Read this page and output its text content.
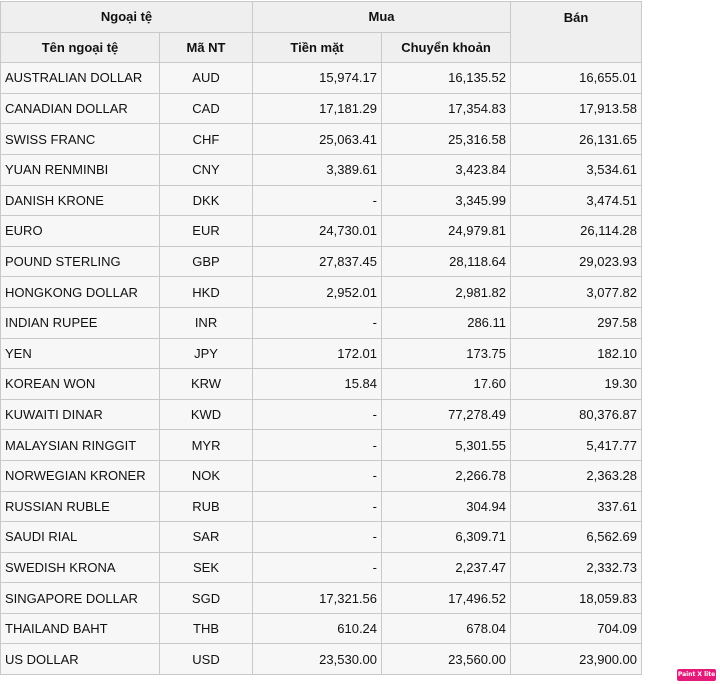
Ngoại tệ		Mua		Bán
Tên ngoại tệ	Mã NT	Tiền mặt	Chuyển khoản	
AUSTRALIAN DOLLAR	AUD	15,974.17	16,135.52	16,655.01
CANADIAN DOLLAR	CAD	17,181.29	17,354.83	17,913.58
SWISS FRANC	CHF	25,063.41	25,316.58	26,131.65
YUAN RENMINBI	CNY	3,389.61	3,423.84	3,534.61
DANISH KRONE	DKK	-	3,345.99	3,474.51
EURO	EUR	24,730.01	24,979.81	26,114.28
POUND STERLING	GBP	27,837.45	28,118.64	29,023.93
HONGKONG DOLLAR	HKD	2,952.01	2,981.82	3,077.82
INDIAN RUPEE	INR	-	286.11	297.58
YEN	JPY	172.01	173.75	182.10
KOREAN WON	KRW	15.84	17.60	19.30
KUWAITI DINAR	KWD	-	77,278.49	80,376.87
MALAYSIAN RINGGIT	MYR	-	5,301.55	5,417.77
NORWEGIAN KRONER	NOK	-	2,266.78	2,363.28
RUSSIAN RUBLE	RUB	-	304.94	337.61
SAUDI RIAL	SAR	-	6,309.71	6,562.69
SWEDISH KRONA	SEK	-	2,237.47	2,332.73
SINGAPORE DOLLAR	SGD	17,321.56	17,496.52	18,059.83
THAILAND BAHT	THB	610.24	678.04	704.09
US DOLLAR	USD	23,530.00	23,560.00	23,900.00
Paint X lite
